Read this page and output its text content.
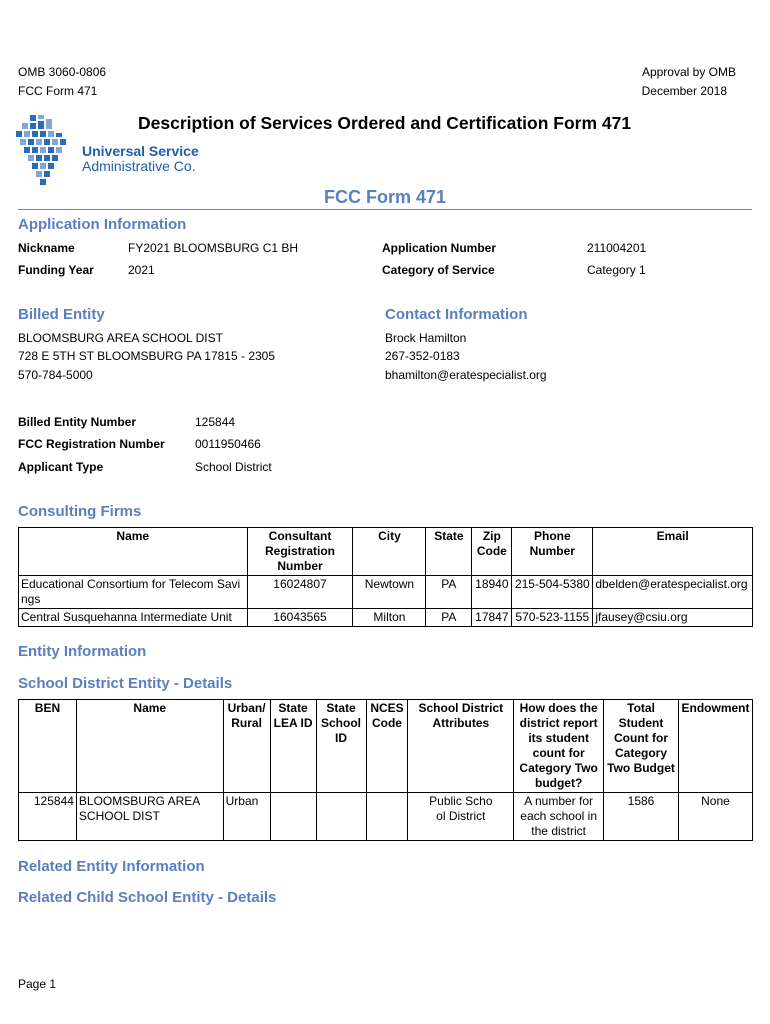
OMB 3060-0806
FCC Form 471
Approval by OMB
December 2018
Universal Service
Administrative Co.
Description of Services Ordered and Certification Form 471
FCC Form 471
Application Information
Nickname	FY2021 BLOOMSBURG C1 BH	Application Number	211004201
Funding Year	2021	Category of Service	Category 1
Billed Entity
BLOOMSBURG AREA SCHOOL DIST
728 E 5TH ST BLOOMSBURG PA 17815 - 2305
570-784-5000
Contact Information
Brock Hamilton
267-352-0183
bhamilton@eratespecialist.org
Billed Entity Number	125844
FCC Registration Number	0011950466
Applicant Type	School District
Consulting Firms
Name	Consultant Registration Number	City	State	Zip Code	Phone Number	Email
Educational Consortium for Telecom Savings	16024807	Newtown	PA	18940	215-504-5380	dbelden@eratespecialist.org
Central Susquehanna Intermediate Unit	16043565	Milton	PA	17847	570-523-1155	jfausey@csiu.org
Entity Information
School District Entity - Details
BEN	Name	Urban/ Rural	State LEA ID	State School ID	NCES Code	School District Attributes	How does the district report its student count for Category Two budget?	Total Student Count for Category Two Budget	Endowment
125844	BLOOMSBURG AREA SCHOOL DIST	Urban				Public School District	A number for each school in the district	1586	None
Related Entity Information
Related Child School Entity - Details
Page 1
